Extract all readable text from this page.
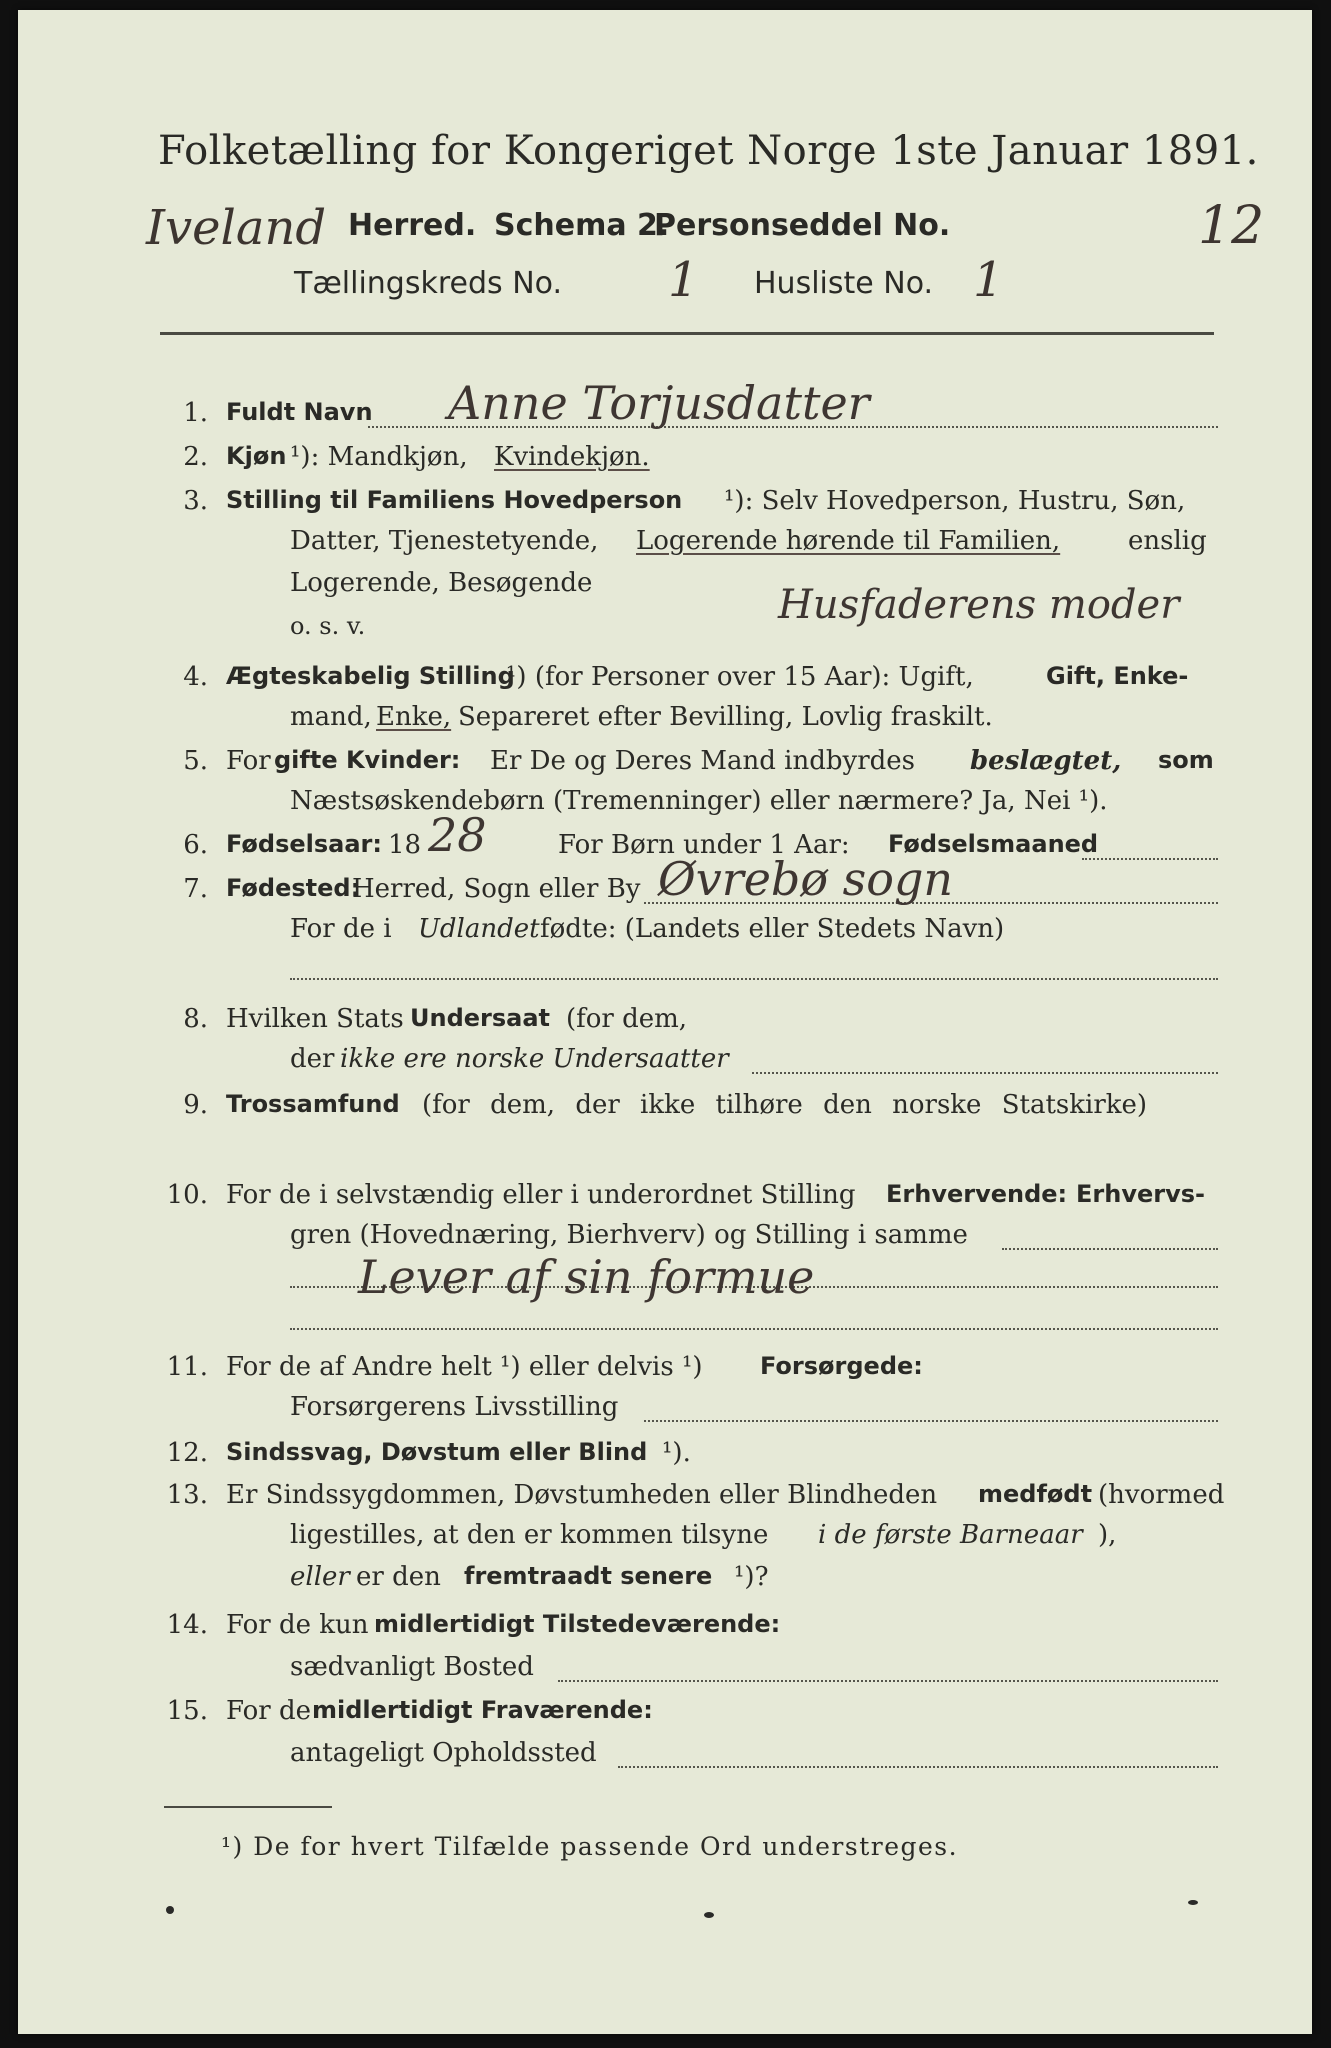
Folketælling for Kongeriget Norge 1ste Januar 1891.
Iveland Herred. Schema 2.
Personseddel No.	12
Tællingskreds No. 1 Husliste No. 1
1. Fuldt Navn Anne Torjusdatter
2. Kjøn ¹): Mandkjøn, Kvindekjøn.
3. Stilling til Familiens Hovedperson ¹): Selv Hovedperson, Hustru, Søn,
Datter, Tjenestetyende, Logerende hørende til Familien,	enslig
Logerende, Besøgende
o. s. v.	Husfaderens moder
4. Ægteskabelig Stilling
¹) (for Personer over 15 Aar): Ugift,	Gift, Enke-
mand, Enke, Separeret efter Bevilling, Lovlig fraskilt.
5. For gifte Kvinder: Er De og Deres Mand indbyrdes beslægtet, som
Næstsøskendebørn (Tremenninger) eller nærmere? Ja, Nei ¹).
6. Fødselsaar: 18 28	For Børn under 1 Aar: Fødselsmaaned
7. Fødested:
Herred, Sogn eller By Øvrebø sogn
For de i Udlandet fødte: (Landets eller Stedets Navn)
8. Hvilken Stats Undersaat (for dem,
der ikke ere norske Undersaatter
9. Trossamfund (for dem, der ikke tilhøre den norske Statskirke)
10. For de i selvstændig eller i underordnet Stilling Erhvervende: Erhvervs-
gren (Hovednæring, Bierhverv) og Stilling i samme
Lever af sin formue
11. For de af Andre helt ¹) eller delvis ¹) Forsørgede:
Forsørgerens Livsstilling
12. Sindssvag, Døvstum eller Blind ¹).
13. Er Sindssygdommen, Døvstumheden eller Blindheden medfødt (hvormed
ligestilles, at den er kommen tilsyne i de første Barneaar ),
eller er den fremtraadt senere ¹)?
14. For de kun midlertidigt Tilstedeværende:
sædvanligt Bosted
15. For de midlertidigt Fraværende:
antageligt Opholdssted
¹) De for hvert Tilfælde passende Ord understreges.
